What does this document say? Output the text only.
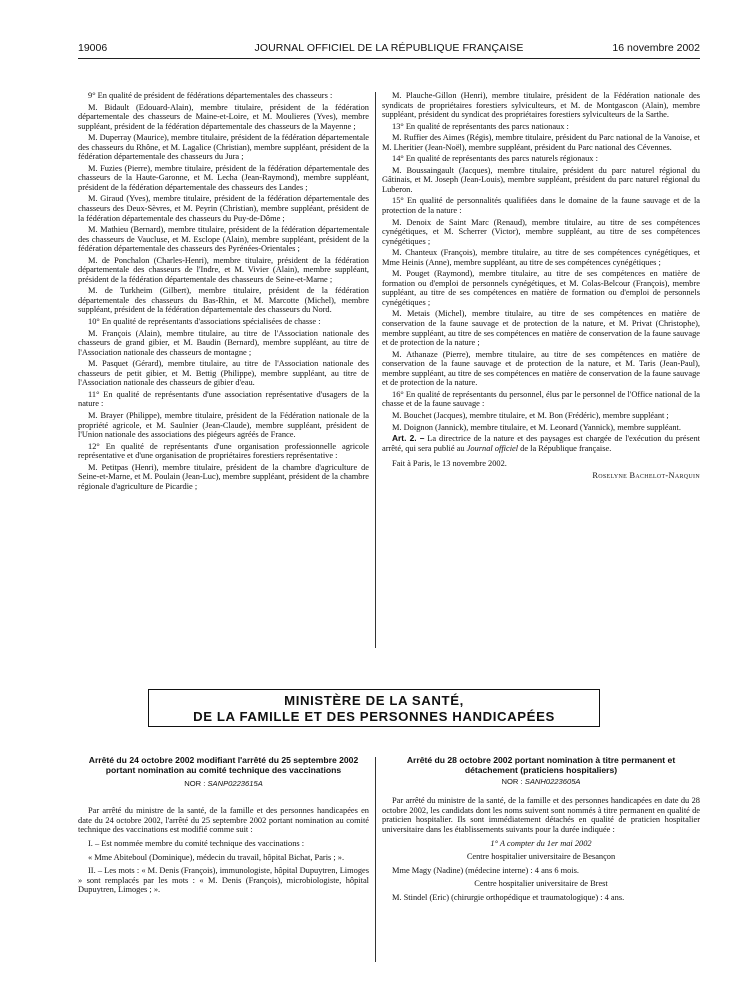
19006	JOURNAL OFFICIEL DE LA RÉPUBLIQUE FRANÇAISE	16 novembre 2002

9° En qualité de président de fédérations départementales des chasseurs :

M. Bidault (Edouard-Alain), membre titulaire, président de la fédération départementale des chasseurs de Maine-et-Loire, et M. Moulieres (Yves), membre suppléant, président de la fédération départementale des chasseurs de la Mayenne ;

M. Duperray (Maurice), membre titulaire, président de la fédération départementale des chasseurs du Rhône, et M. Lagalice (Christian), membre suppléant, président de la fédération départementale des chasseurs du Jura ;

M. Fuzies (Pierre), membre titulaire, président de la fédération départementale des chasseurs de la Haute-Garonne, et M. Lecha (Jean-Raymond), membre suppléant, président de la fédération départementale des chasseurs des Landes ;

M. Giraud (Yves), membre titulaire, président de la fédération départementale des chasseurs des Deux-Sèvres, et M. Peyrin (Christian), membre suppléant, président de la fédération départementale des chasseurs du Puy-de-Dôme ;

M. Mathieu (Bernard), membre titulaire, président de la fédération départementale des chasseurs de Vaucluse, et M. Esclope (Alain), membre suppléant, président de la fédération départementale des chasseurs des Pyrénées-Orientales ;

M. de Ponchalon (Charles-Henri), membre titulaire, président de la fédération départementale des chasseurs de l'Indre, et M. Vivier (Alain), membre suppléant, président de la fédération départementale des chasseurs de Seine-et-Marne ;

M. de Turkheim (Gilbert), membre titulaire, président de la fédération départementale des chasseurs du Bas-Rhin, et M. Marcotte (Michel), membre suppléant, président de la fédération départementale des chasseurs du Nord.

10° En qualité de représentants d'associations spécialisées de chasse :

M. François (Alain), membre titulaire, au titre de l'Association nationale des chasseurs de grand gibier, et M. Baudin (Bernard), membre suppléant, au titre de l'Association nationale des chasseurs de montagne ;

M. Pasquet (Gérard), membre titulaire, au titre de l'Association nationale des chasseurs de petit gibier, et M. Bettig (Philippe), membre suppléant, au titre de l'Association nationale des chasseurs de gibier d'eau.

11° En qualité de représentants d'une association représentative d'usagers de la nature :

M. Brayer (Philippe), membre titulaire, président de la Fédération nationale de la propriété agricole, et M. Saulnier (Jean-Claude), membre suppléant, président de l'Union nationale des associations des piégeurs agréés de France.

12° En qualité de représentants d'une organisation professionnelle agricole représentative et d'une organisation de propriétaires forestiers représentative :

M. Petitpas (Henri), membre titulaire, président de la chambre d'agriculture de Seine-et-Marne, et M. Poulain (Jean-Luc), membre suppléant, président de la chambre régionale d'agriculture de Picardie ;

M. Plauche-Gillon (Henri), membre titulaire, président de la Fédération nationale des syndicats de propriétaires forestiers sylviculteurs, et M. de Montgascon (Alain), membre suppléant, président du syndicat des propriétaires forestiers sylviculteurs de la Sarthe.

13° En qualité de représentants des parcs nationaux :

M. Ruffier des Aimes (Régis), membre titulaire, président du Parc national de la Vanoise, et M. Lheritier (Jean-Noël), membre suppléant, président du Parc national des Cévennes.

14° En qualité de représentants des parcs naturels régionaux :

M. Boussaingault (Jacques), membre titulaire, président du parc naturel régional du Gâtinais, et M. Joseph (Jean-Louis), membre suppléant, président du parc naturel régional du Luberon.

15° En qualité de personnalités qualifiées dans le domaine de la faune sauvage et de la protection de la nature :

M. Denoix de Saint Marc (Renaud), membre titulaire, au titre de ses compétences cynégétiques, et M. Scherrer (Victor), membre suppléant, au titre de ses compétences cynégétiques ;

M. Chanteux (François), membre titulaire, au titre de ses compétences cynégétiques, et Mme Heinis (Anne), membre suppléant, au titre de ses compétences cynégétiques ;

M. Pouget (Raymond), membre titulaire, au titre de ses compétences en matière de formation ou d'emploi de personnels cynégétiques, et M. Colas-Belcour (François), membre suppléant, au titre de ses compétences en matière de formation ou d'emploi de personnels cynégétiques ;

M. Metais (Michel), membre titulaire, au titre de ses compétences en matière de conservation de la faune sauvage et de protection de la nature, et M. Privat (Christophe), membre suppléant, au titre de ses compétences en matière de conservation de la faune sauvage et de protection de la nature ;

M. Athanaze (Pierre), membre titulaire, au titre de ses compétences en matière de conservation de la faune sauvage et de protection de la nature, et M. Taris (Jean-Paul), membre suppléant, au titre de ses compétences en matière de conservation de la faune sauvage et de protection de la nature.

16° En qualité de représentants du personnel, élus par le personnel de l'Office national de la chasse et de la faune sauvage :

M. Bouchet (Jacques), membre titulaire, et M. Bon (Frédéric), membre suppléant ;

M. Doignon (Jannick), membre titulaire, et M. Leonard (Yannick), membre suppléant.

Art. 2. – La directrice de la nature et des paysages est chargée de l'exécution du présent arrêté, qui sera publié au Journal officiel de la République française.

Fait à Paris, le 13 novembre 2002.

Roselyne Bachelot-Narquin

MINISTÈRE DE LA SANTÉ,
DE LA FAMILLE ET DES PERSONNES HANDICAPÉES

Arrêté du 24 octobre 2002 modifiant l'arrêté du 25 septembre 2002 portant nomination au comité technique des vaccinations

NOR : SANP0223615A

Par arrêté du ministre de la santé, de la famille et des personnes handicapées en date du 24 octobre 2002, l'arrêté du 25 septembre 2002 portant nomination au comité technique des vaccinations est modifié comme suit :

I. – Est nommée membre du comité technique des vaccinations :

« Mme Abiteboul (Dominique), médecin du travail, hôpital Bichat, Paris ; ».

II. – Les mots : « M. Denis (François), immunologiste, hôpital Dupuytren, Limoges » sont remplacés par les mots : « M. Denis (François), microbiologiste, hôpital Dupuytren, Limoges ; ».

Arrêté du 28 octobre 2002 portant nomination à titre permanent et détachement (praticiens hospitaliers)

NOR : SANH0223605A

Par arrêté du ministre de la santé, de la famille et des personnes handicapées en date du 28 octobre 2002, les candidats dont les noms suivent sont nommés à titre permanent en qualité de praticien hospitalier. Ils sont immédiatement détachés en qualité de praticien hospitalier universitaire dans les établissements suivants pour la durée indiquée :

1° A compter du 1er mai 2002

Centre hospitalier universitaire de Besançon

Mme Magy (Nadine) (médecine interne) : 4 ans 6 mois.

Centre hospitalier universitaire de Brest

M. Stindel (Eric) (chirurgie orthopédique et traumatologique) : 4 ans.
